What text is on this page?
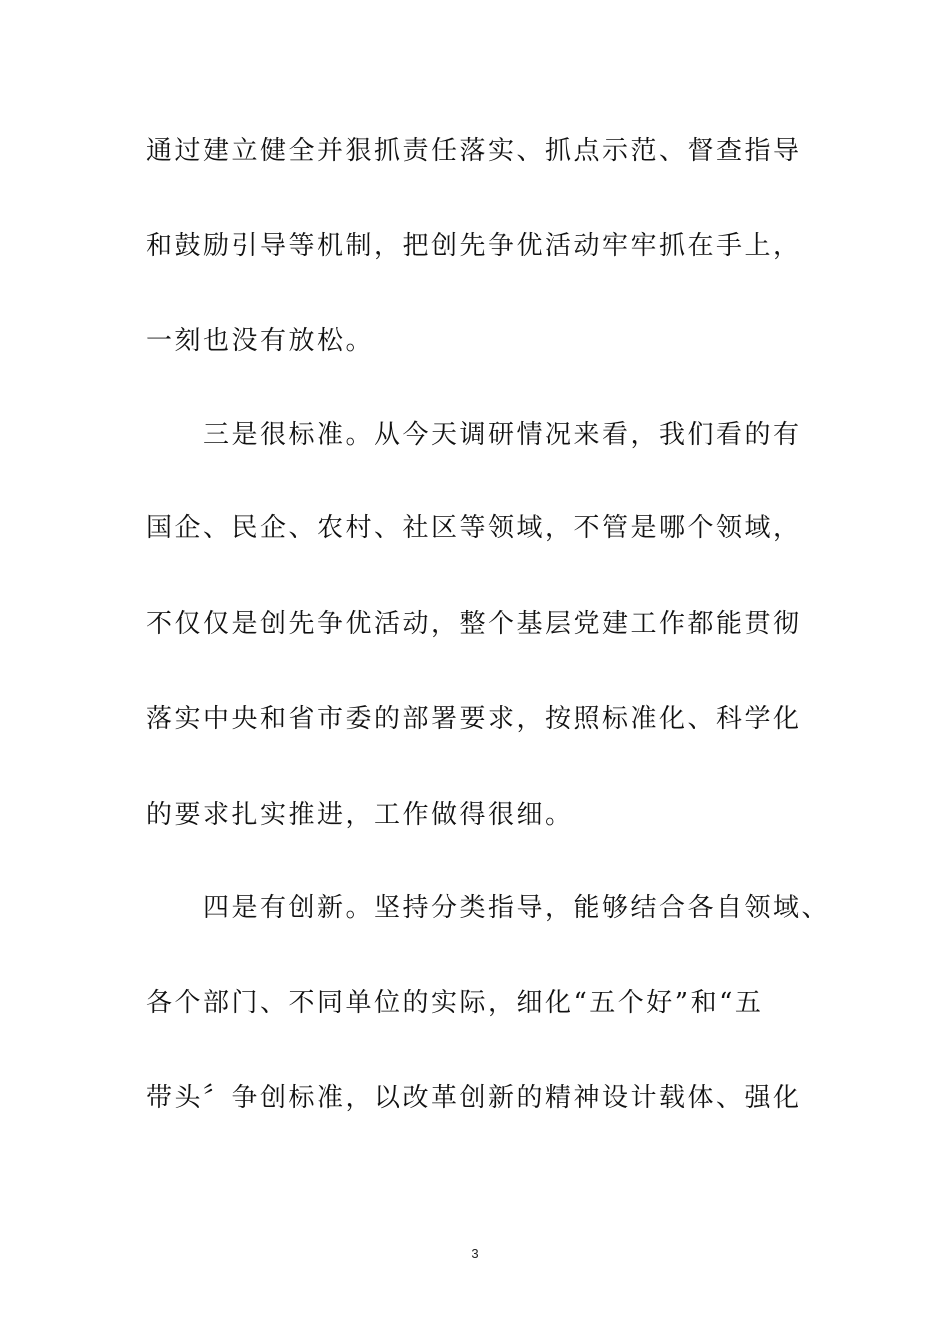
通过建立健全并狠抓责任落实、抓点示范、督查指导

和鼓励引导等机制，把创先争优活动牢牢抓在手上，

一刻也没有放松。

　　三是很标准。从今天调研情况来看，我们看的有

国企、民企、农村、社区等领域，不管是哪个领域，

不仅仅是创先争优活动，整个基层党建工作都能贯彻

落实中央和省市委的部署要求，按照标准化、科学化

的要求扎实推进，工作做得很细。

　　四是有创新。坚持分类指导，能够结合各自领域、

各个部门、不同单位的实际，细化“五个好”和“五

带头〞争创标准，以改革创新的精神设计载体、强化

3
